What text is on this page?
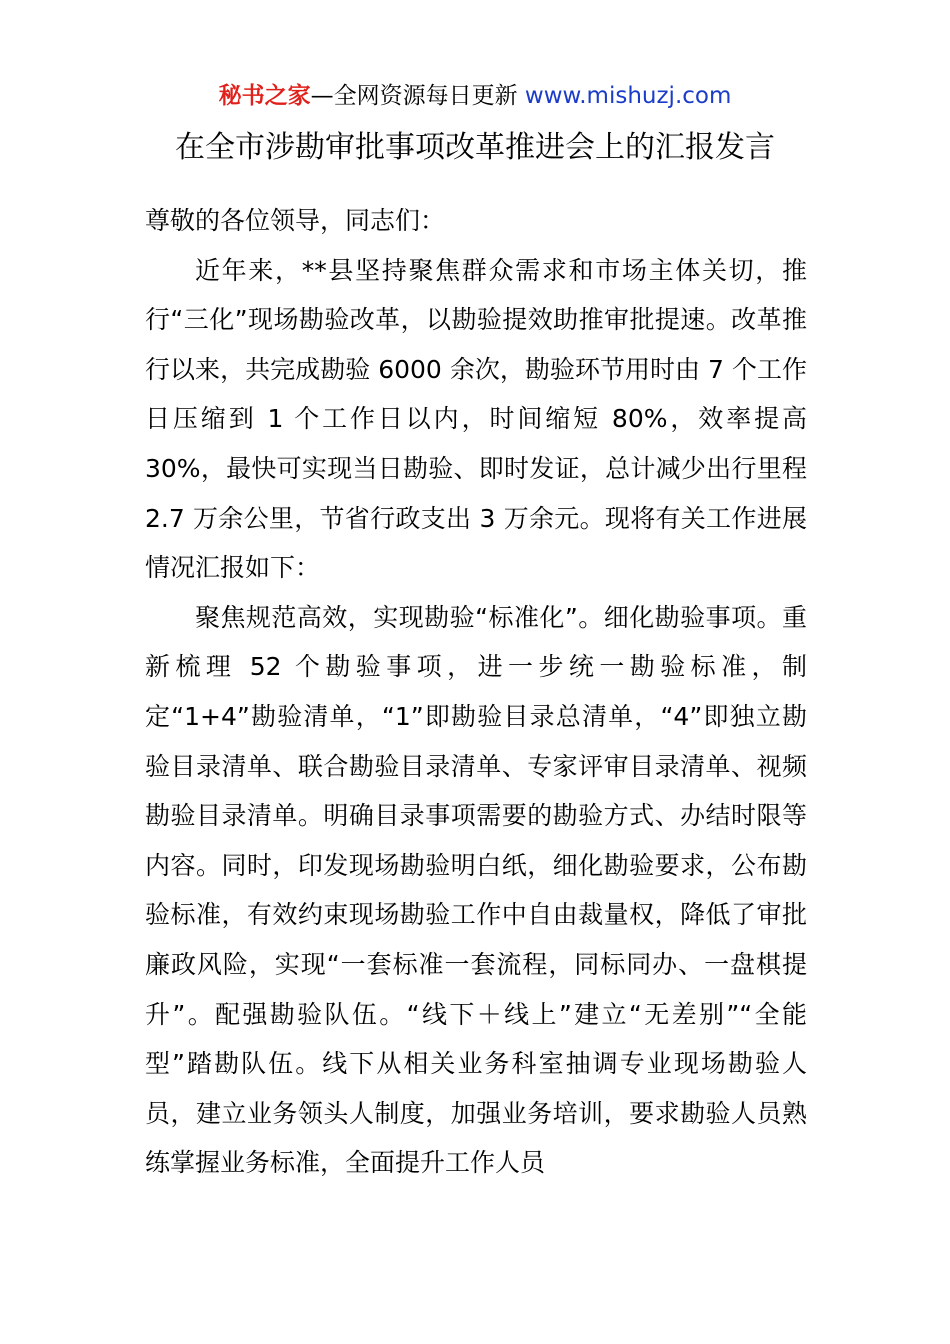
秘书之家—全网资源每日更新 www.mishuzj.com
在全市涉勘审批事项改革推进会上的汇报发言

尊敬的各位领导，同志们：

近年来，**县坚持聚焦群众需求和市场主体关切，推行“三化”现场勘验改革，以勘验提效助推审批提速。改革推行以来，共完成勘验 6000 余次，勘验环节用时由 7 个工作日压缩到 1 个工作日以内，时间缩短 80%，效率提高 30%，最快可实现当日勘验、即时发证，总计减少出行里程 2.7 万余公里，节省行政支出 3 万余元。现将有关工作进展情况汇报如下：

聚焦规范高效，实现勘验“标准化”。细化勘验事项。重新梳理 52 个勘验事项，进一步统一勘验标准，制定“1+4”勘验清单，“1”即勘验目录总清单，“4”即独立勘验目录清单、联合勘验目录清单、专家评审目录清单、视频勘验目录清单。明确目录事项需要的勘验方式、办结时限等内容。同时，印发现场勘验明白纸，细化勘验要求，公布勘验标准，有效约束现场勘验工作中自由裁量权，降低了审批廉政风险，实现“一套标准一套流程，同标同办、一盘棋提升”。配强勘验队伍。“线下＋线上”建立“无差别”“全能型”踏勘队伍。线下从相关业务科室抽调专业现场勘验人员，建立业务领头人制度，加强业务培训，要求勘验人员熟练掌握业务标准，全面提升工作人员
